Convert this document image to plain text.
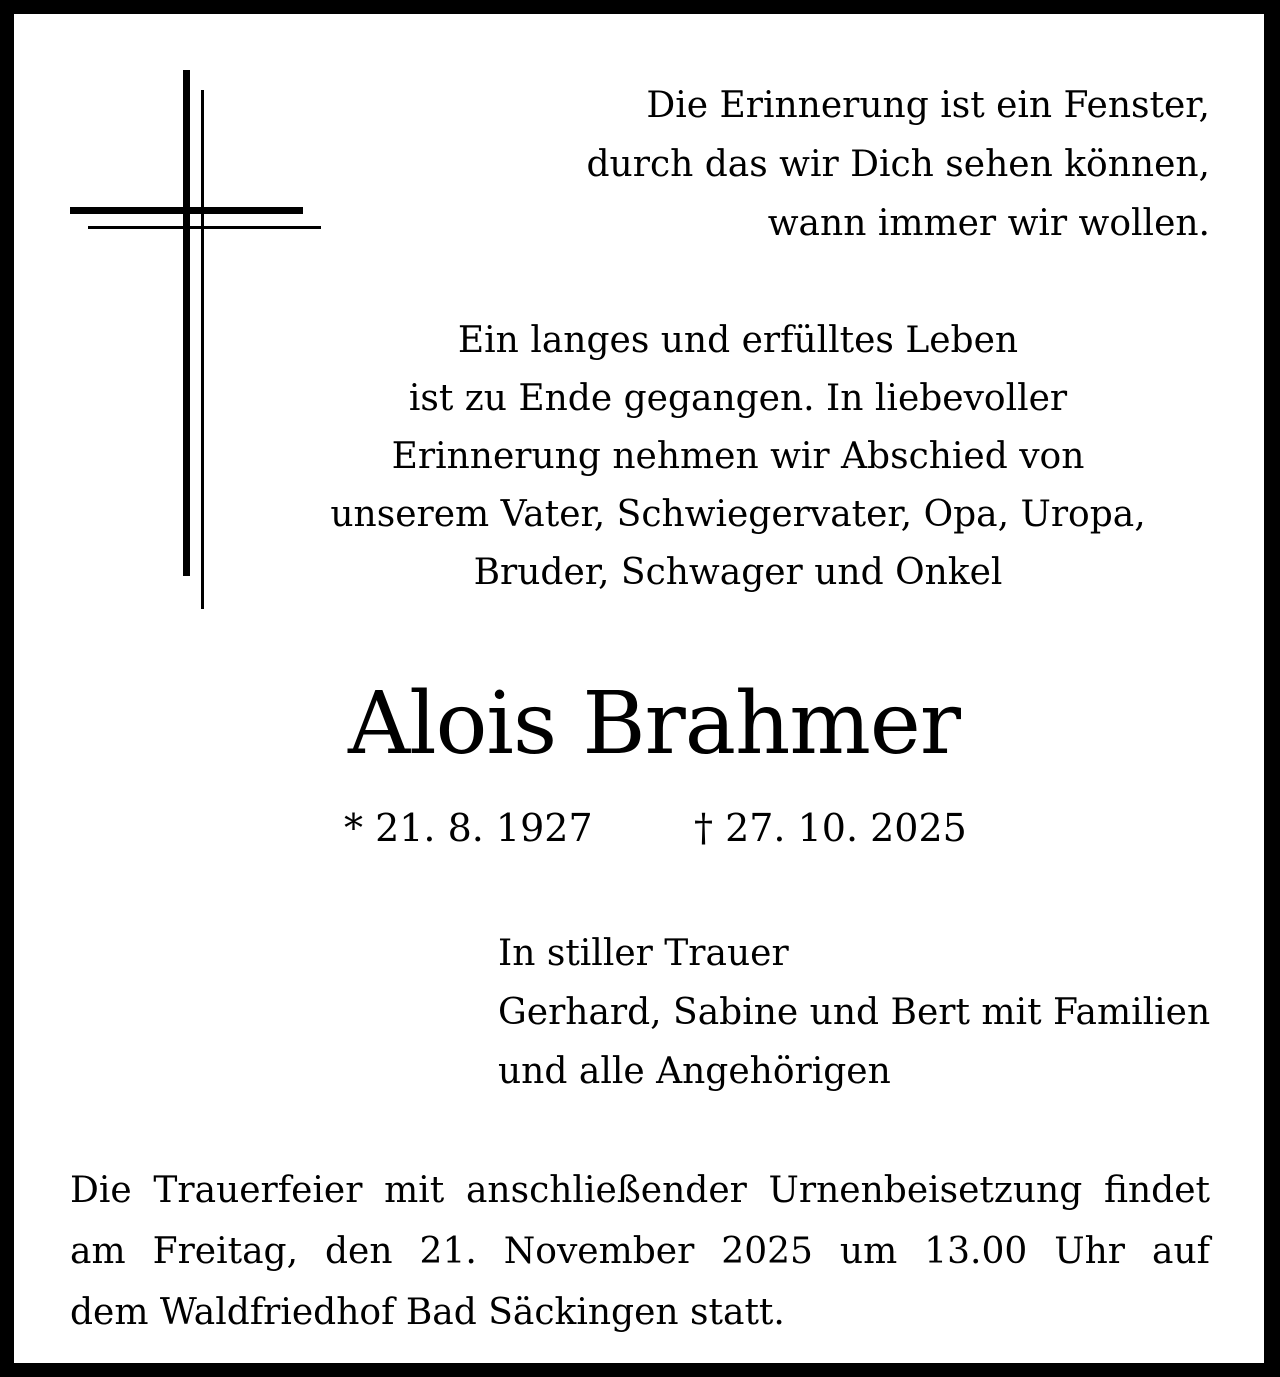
Die Erinnerung ist ein Fenster,
durch das wir Dich sehen können,
wann immer wir wollen.
Ein langes und erfülltes Leben
ist zu Ende gegangen. In liebevoller
Erinnerung nehmen wir Abschied von
unserem Vater, Schwiegervater, Opa, Uropa,
Bruder, Schwager und Onkel
Alois Brahmer
* 21. 8. 1927	† 27. 10. 2025
In stiller Trauer
Gerhard, Sabine und Bert mit Familien
und alle Angehörigen
Die Trauerfeier mit anschließender Urnenbeisetzung findet
am Freitag, den 21. November 2025 um 13.00 Uhr auf
dem Waldfriedhof Bad Säckingen statt.
